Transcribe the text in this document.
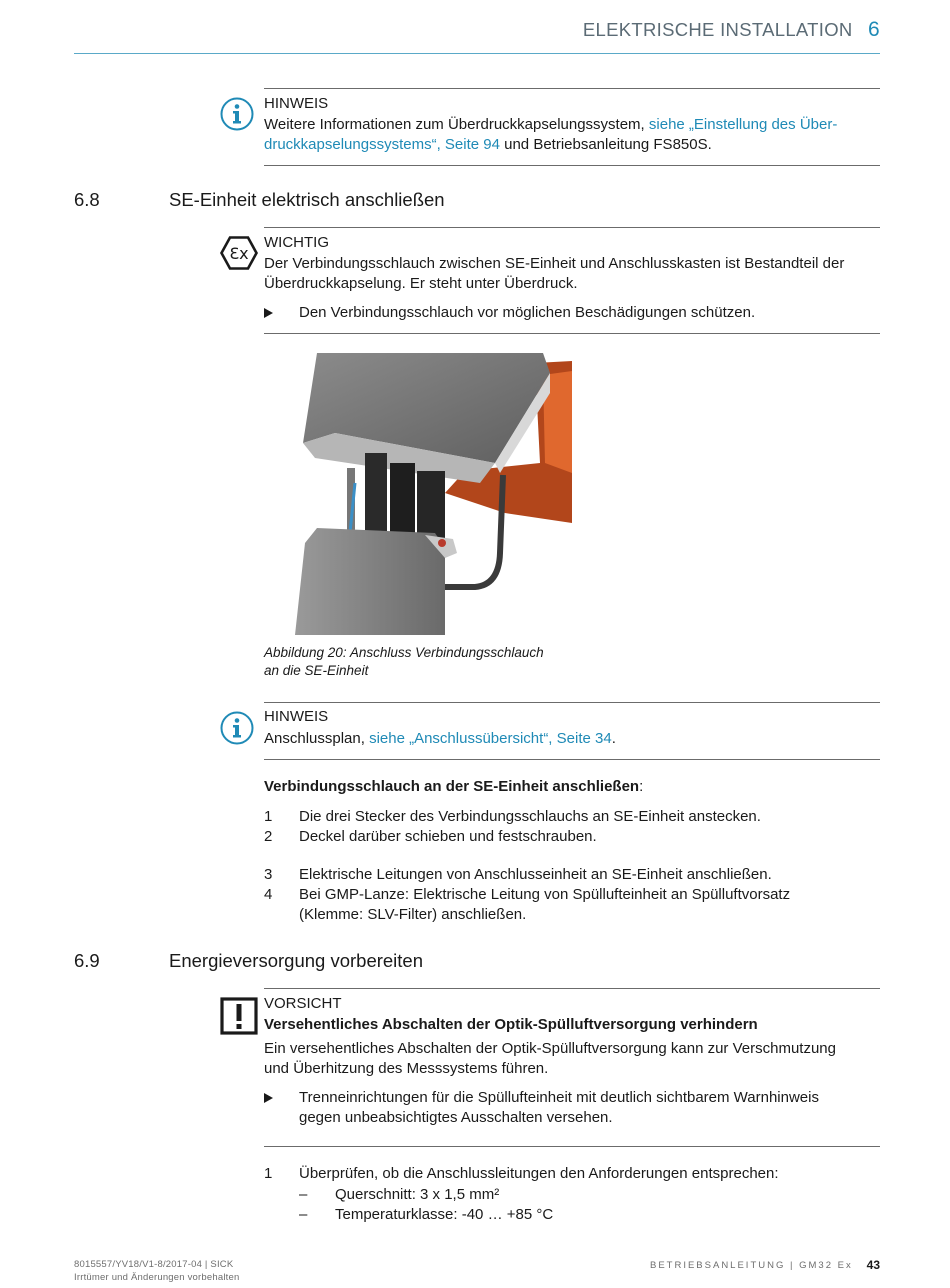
ELEKTRISCHE INSTALLATION 6
HINWEIS
Weitere Informationen zum Überdruckkapselungssystem, siehe „Einstellung des Über-
druckkapselungssystems“, Seite 94 und Betriebsanleitung FS850S.
6.8	SE-Einheit elektrisch anschließen
Ɛx
WICHTIG
Der Verbindungsschlauch zwischen SE-Einheit und Anschlusskasten ist Bestandteil der
Überdruckkapselung. Er steht unter Überdruck.
Den Verbindungsschlauch vor möglichen Beschädigungen schützen.
Abbildung 20: Anschluss Verbindungsschlauch
an die SE-Einheit
HINWEIS
Anschlussplan, siehe „Anschlussübersicht“, Seite 34.
Verbindungsschlauch an der SE-Einheit anschließen:
1 Die drei Stecker des Verbindungsschlauchs an SE-Einheit anstecken.
2 Deckel darüber schieben und festschrauben.
3 Elektrische Leitungen von Anschlusseinheit an SE-Einheit anschließen.
4 Bei GMP-Lanze: Elektrische Leitung von Spüllufteinheit an Spülluftvorsatz
(Klemme: SLV-Filter) anschließen.
6.9	Energieversorgung vorbereiten
VORSICHT
Versehentliches Abschalten der Optik-Spülluftversorgung verhindern
Ein versehentliches Abschalten der Optik-Spülluftversorgung kann zur Verschmutzung
und Überhitzung des Messsystems führen.
Trenneinrichtungen für die Spüllufteinheit mit deutlich sichtbarem Warnhinweis
gegen unbeabsichtigtes Ausschalten versehen.
1 Überprüfen, ob die Anschlussleitungen den Anforderungen entsprechen:
– Querschnitt: 3 x 1,5 mm²
– Temperaturklasse: -40 … +85 °C
8015557/YV18/V1-8/2017-04 | SICK
Irrtümer und Änderungen vorbehalten
BETRIEBSANLEITUNG | GM32 Ex 43
